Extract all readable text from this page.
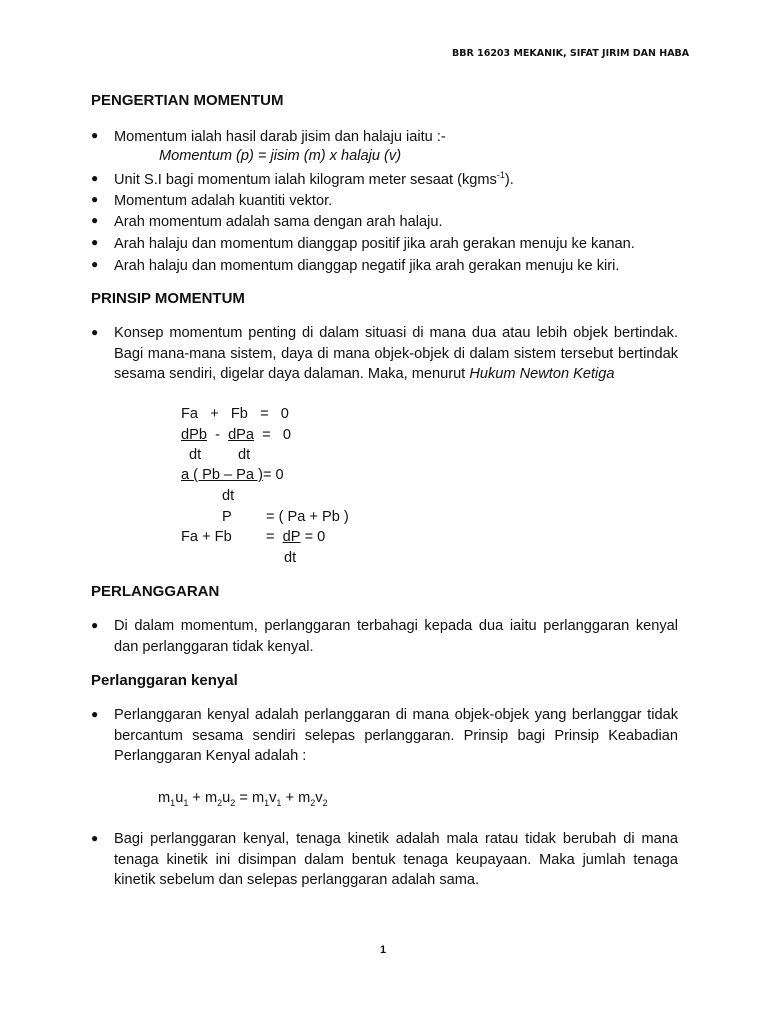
BBR 16203 MEKANIK, SIFAT JIRIM DAN HABA
PENGERTIAN MOMENTUM
● Momentum ialah hasil darab jisim dan halaju iaitu :-
Momentum (p) = jisim (m) x halaju (v)
● Unit S.I bagi momentum ialah kilogram meter sesaat (kgms$^{-1}$).
● Momentum adalah kuantiti vektor.
● Arah momentum adalah sama dengan arah halaju.
● Arah halaju dan momentum dianggap positif jika arah gerakan menuju ke kanan.
● Arah halaju dan momentum dianggap negatif jika arah gerakan menuju ke kiri.
PRINSIP MOMENTUM
● Konsep momentum penting di dalam situasi di mana dua atau lebih objek bertindak. Bagi mana-mana sistem, daya di mana objek-objek di dalam sistem tersebut bertindak sesama sendiri, digelar daya dalaman. Maka, menurut Hukum Newton Ketiga
Fa   +   Fb   =   0
dPb - dPa =   0
dt	dt
a ( Pb – Pa )= 0
dt
P = ( Pa + Pb )
Fa + Fb = dP = 0
dt
PERLANGGARAN
● Di dalam momentum, perlanggaran terbahagi kepada dua iaitu perlanggaran kenyal dan perlanggaran tidak kenyal.
Perlanggaran kenyal
● Perlanggaran kenyal adalah perlanggaran di mana objek-objek yang berlanggar tidak bercantum sesama sendiri selepas perlanggaran. Prinsip bagi Prinsip Keabadian Perlanggaran Kenyal adalah :
$m_1u_1 + m_2u_2 = m_1v_1 + m_2v_2$
● Bagi perlanggaran kenyal, tenaga kinetik adalah mala ratau tidak berubah di mana tenaga kinetik ini disimpan dalam bentuk tenaga keupayaan. Maka jumlah tenaga kinetik sebelum dan selepas perlanggaran adalah sama.
1
